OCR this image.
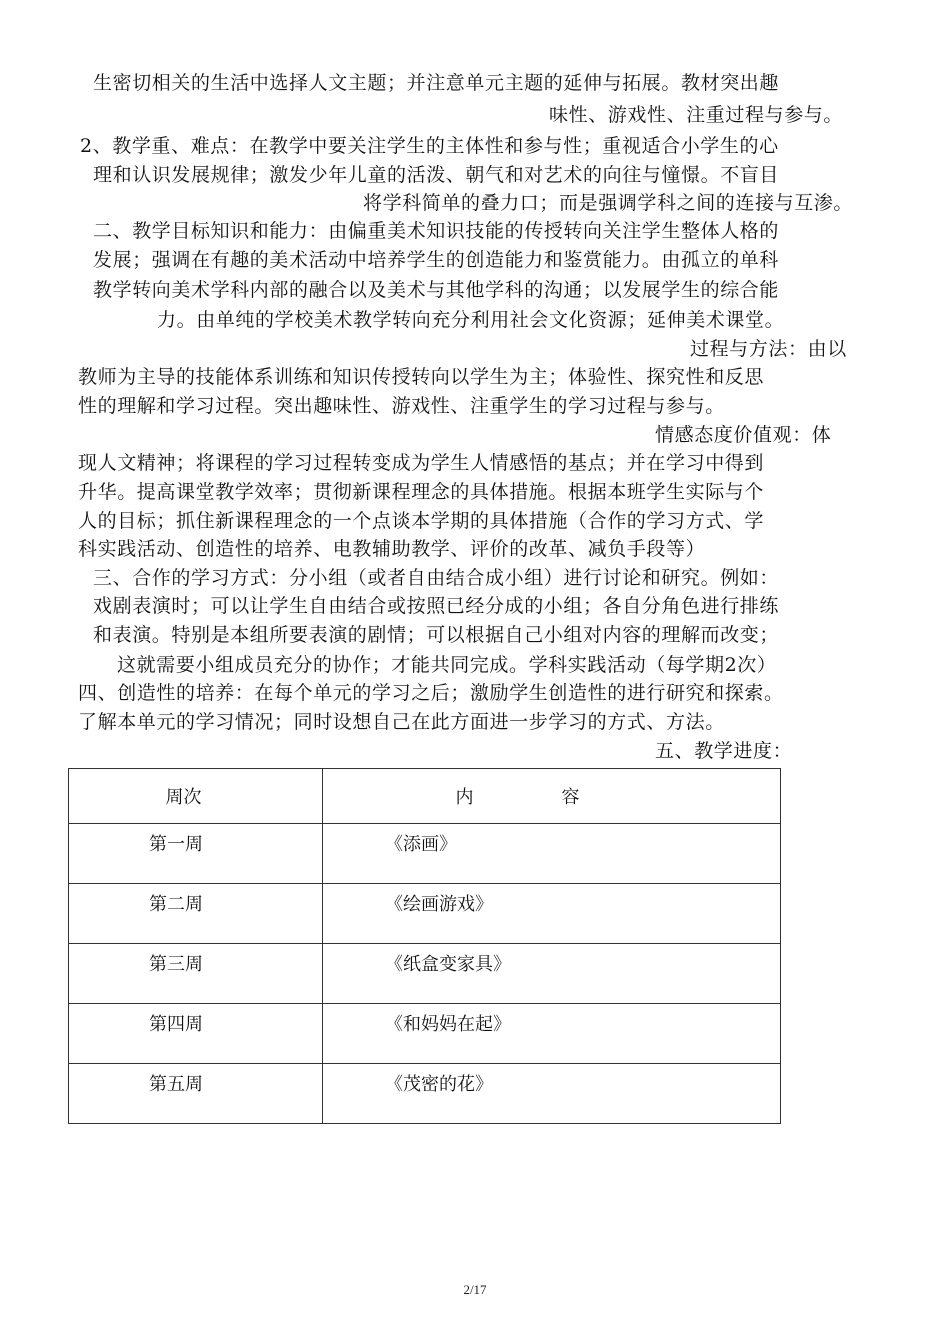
生密切相关的生活中选择人文主题；并注意单元主题的延伸与拓展。教材突出趣
味性、游戏性、注重过程与参与。
2、教学重、难点：在教学中要关注学生的主体性和参与性；重视适合小学生的心
理和认识发展规律；激发少年儿童的活泼、朝气和对艺术的向往与憧憬。不盲目
将学科简单的叠力口；而是强调学科之间的连接与互渗。
二、教学目标知识和能力：由偏重美术知识技能的传授转向关注学生整体人格的
发展；强调在有趣的美术活动中培养学生的创造能力和鉴赏能力。由孤立的单科
教学转向美术学科内部的融合以及美术与其他学科的沟通；以发展学生的综合能
力。由单纯的学校美术教学转向充分利用社会文化资源；延伸美术课堂。
过程与方法：由以
教师为主导的技能体系训练和知识传授转向以学生为主；体验性、探究性和反思
性的理解和学习过程。突出趣味性、游戏性、注重学生的学习过程与参与。
情感态度价值观：体
现人文精神；将课程的学习过程转变成为学生人情感悟的基点；并在学习中得到
升华。提高课堂教学效率；贯彻新课程理念的具体措施。根据本班学生实际与个
人的目标；抓住新课程理念的一个点谈本学期的具体措施（合作的学习方式、学
科实践活动、创造性的培养、电教辅助教学、评价的改革、减负手段等）
三、合作的学习方式：分小组（或者自由结合成小组）进行讨论和研究。例如：
戏剧表演时；可以让学生自由结合或按照已经分成的小组；各自分角色进行排练
和表演。特别是本组所要表演的剧情；可以根据自己小组对内容的理解而改变；
这就需要小组成员充分的协作；才能共同完成。学科实践活动（每学期2次）
四、创造性的培养：在每个单元的学习之后；激励学生创造性的进行研究和探索。
了解本单元的学习情况；同时设想自己在此方面进一步学习的方式、方法。
五、教学进度：
周次	内容
第一周	《添画》
第二周	《绘画游戏》
第三周	《纸盒变家具》
第四周	《和妈妈在起》
第五周	《茂密的花》
2/17
